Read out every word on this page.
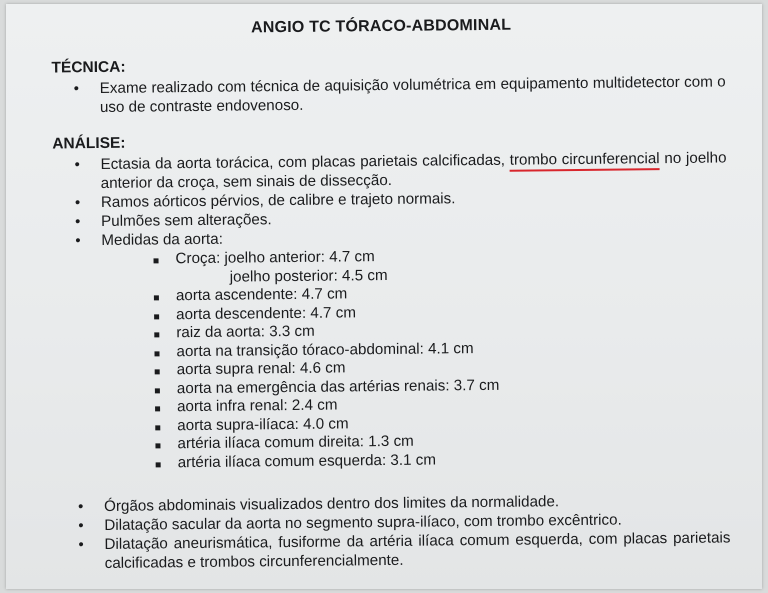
ANGIO TC TÓRACO-ABDOMINAL
TÉCNICA:
• Exame realizado com técnica de aquisição volumétrica em equipamento multidetector com o uso de contraste endovenoso.
ANÁLISE:
• Ectasia da aorta torácica, com placas parietais calcificadas, trombo circunferencial no joelho anterior da croça, sem sinais de dissecção.
• Ramos aórticos pérvios, de calibre e trajeto normais.
• Pulmões sem alterações.
• Medidas da aorta:
Croça: joelho anterior: 4.7 cm
joelho posterior: 4.5 cm
aorta ascendente: 4.7 cm
aorta descendente: 4.7 cm
raiz da aorta: 3.3 cm
aorta na transição tóraco-abdominal: 4.1 cm
aorta supra renal: 4.6 cm
aorta na emergência das artérias renais: 3.7 cm
aorta infra renal: 2.4 cm
aorta supra-ilíaca: 4.0 cm
artéria ilíaca comum direita: 1.3 cm
artéria ilíaca comum esquerda: 3.1 cm
• Órgãos abdominais visualizados dentro dos limites da normalidade.
• Dilatação sacular da aorta no segmento supra-ilíaco, com trombo excêntrico.
• Dilatação aneurismática, fusiforme da artéria ilíaca comum esquerda, com placas parietais calcificadas e trombos circunferencialmente.
